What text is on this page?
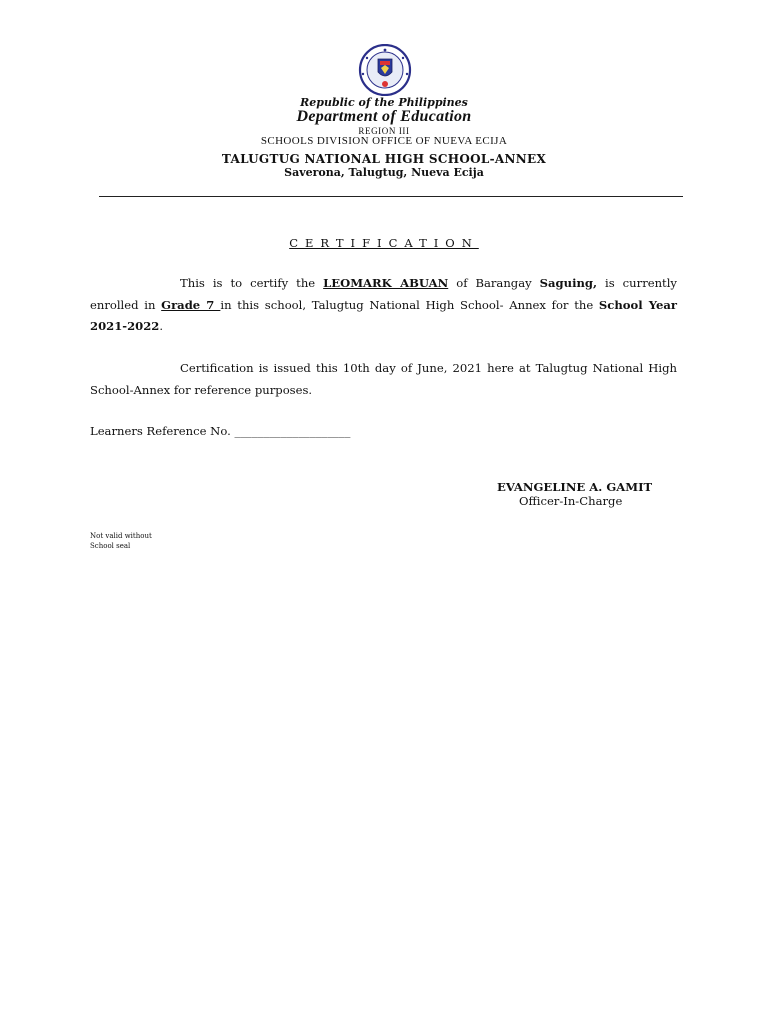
Republic of the Philippines
Department of Education
REGION III
SCHOOLS DIVISION OFFICE OF NUEVA ECIJA
TALUGTUG NATIONAL HIGH SCHOOL-ANNEX
Saverona, Talugtug, Nueva Ecija
CERTIFICATION
This is to certify the LEOMARK ABUAN of Barangay Saguing, is currently enrolled in Grade 7 in this school, Talugtug National High School- Annex for the School Year 2021-2022.
Certification is issued this 10th day of June, 2021 here at Talugtug National High School-Annex for reference purposes.
Learners Reference No. ____________________
EVANGELINE A. GAMIT
Officer-In-Charge
Not valid without
School seal
